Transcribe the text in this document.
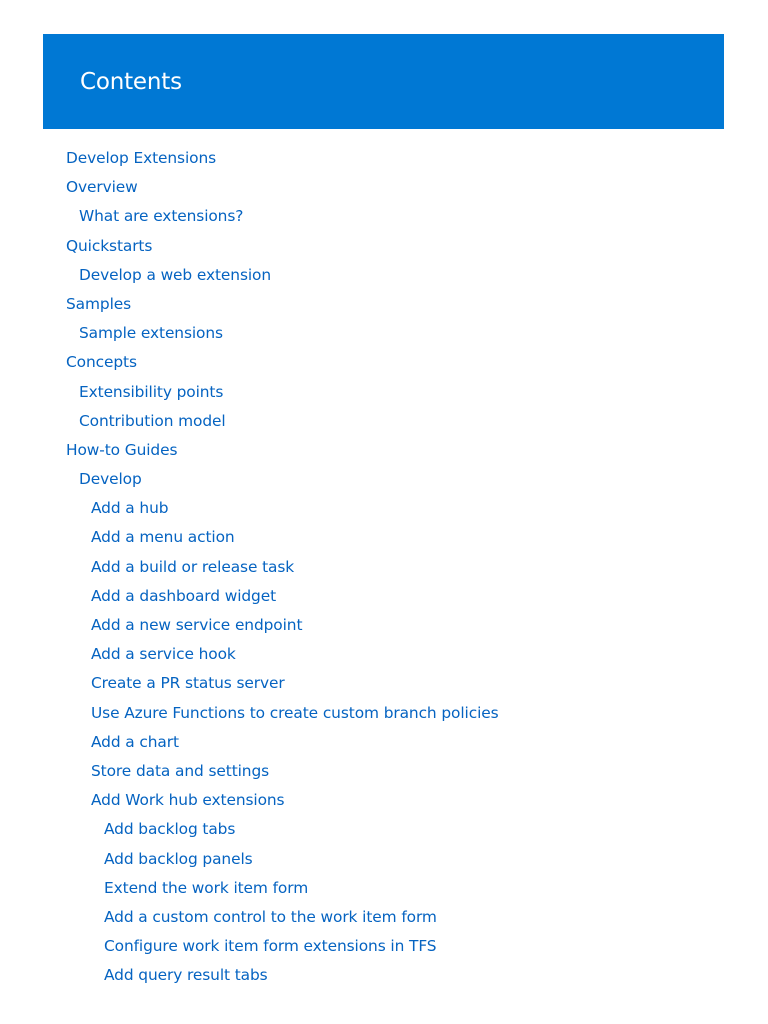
Contents
Develop Extensions
Overview
What are extensions?
Quickstarts
Develop a web extension
Samples
Sample extensions
Concepts
Extensibility points
Contribution model
How-to Guides
Develop
Add a hub
Add a menu action
Add a build or release task
Add a dashboard widget
Add a new service endpoint
Add a service hook
Create a PR status server
Use Azure Functions to create custom branch policies
Add a chart
Store data and settings
Add Work hub extensions
Add backlog tabs
Add backlog panels
Extend the work item form
Add a custom control to the work item form
Configure work item form extensions in TFS
Add query result tabs
